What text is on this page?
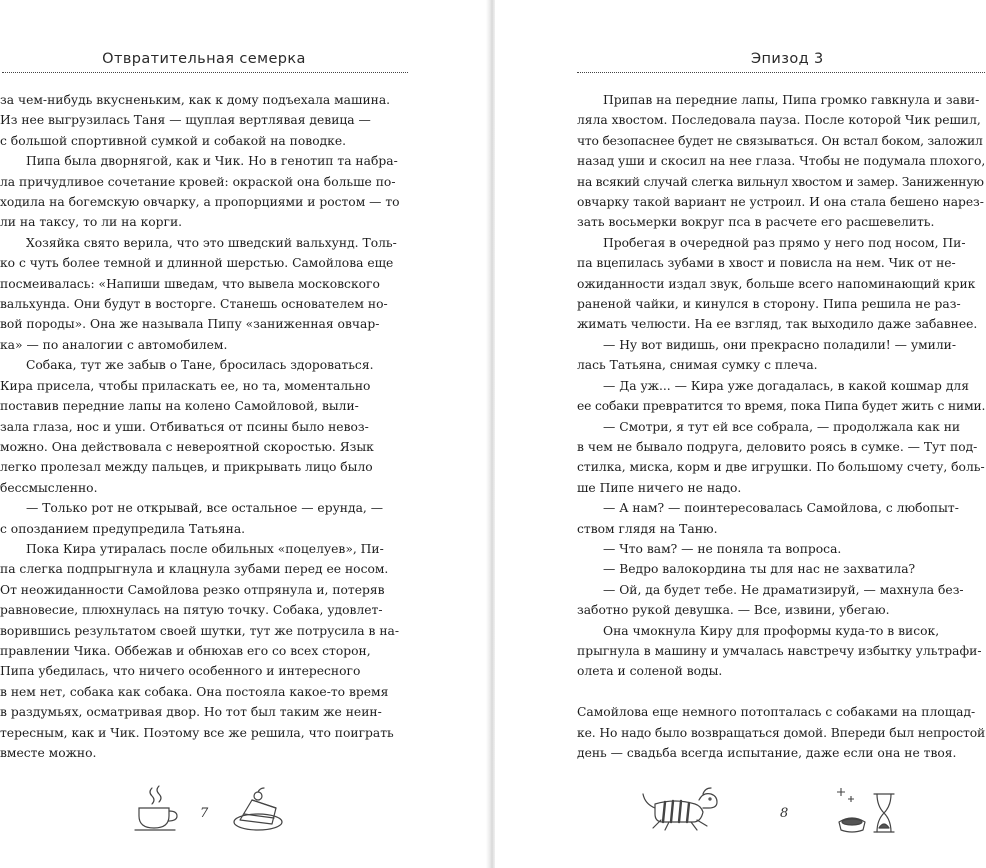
Отвратительная семерка

за чем-нибудь вкусненьким, как к дому подъехала машина.

Из нее выгрузилась Таня — щуплая вертлявая девица —

с большой спортивной сумкой и собакой на поводке.

Пипа была дворнягой, как и Чик. Но в генотип та набра-

ла причудливое сочетание кровей: окраской она больше по-

ходила на богемскую овчарку, а пропорциями и ростом — то

ли на таксу, то ли на корги.

Хозяйка свято верила, что это шведский вальхунд. Толь-

ко с чуть более темной и длинной шерстью. Самойлова еще

посмеивалась: «Напиши шведам, что вывела московского

вальхунда. Они будут в восторге. Станешь основателем но-

вой породы». Она же называла Пипу «заниженная овчар-

ка» — по аналогии с автомобилем.

Собака, тут же забыв о Тане, бросилась здороваться.

Кира присела, чтобы приласкать ее, но та, моментально

поставив передние лапы на колено Самойловой, выли-

зала глаза, нос и уши. Отбиваться от псины было невоз-

можно. Она действовала с невероятной скоростью. Язык

легко пролезал между пальцев, и прикрывать лицо было

бессмысленно.

— Только рот не открывай, все остальное — ерунда, —

с опозданием предупредила Татьяна.

Пока Кира утиралась после обильных «поцелуев», Пи-

па слегка подпрыгнула и клацнула зубами перед ее носом.

От неожиданности Самойлова резко отпрянула и, потеряв

равновесие, плюхнулась на пятую точку. Собака, удовлет-

ворившись результатом своей шутки, тут же потрусила в на-

правлении Чика. Оббежав и обнюхав его со всех сторон,

Пипа убедилась, что ничего особенного и интересного

в нем нет, собака как собака. Она постояла какое-то время

в раздумьях, осматривая двор. Но тот был таким же неин-

тересным, как и Чик. Поэтому все же решила, что поиграть

вместе можно.

7
Эпизод 3

Припав на передние лапы, Пипа громко гавкнула и зави-

ляла хвостом. Последовала пауза. После которой Чик решил,

что безопаснее будет не связываться. Он встал боком, заложил

назад уши и скосил на нее глаза. Чтобы не подумала плохого,

на всякий случай слегка вильнул хвостом и замер. Заниженную

овчарку такой вариант не устроил. И она стала бешено нарез-

зать восьмерки вокруг пса в расчете его расшевелить.

Пробегая в очередной раз прямо у него под носом, Пи-

па вцепилась зубами в хвост и повисла на нем. Чик от не-

ожиданности издал звук, больше всего напоминающий крик

раненой чайки, и кинулся в сторону. Пипа решила не раз-

жимать челюсти. На ее взгляд, так выходило даже забавнее.

— Ну вот видишь, они прекрасно поладили! — умили-

лась Татьяна, снимая сумку с плеча.

— Да уж... — Кира уже догадалась, в какой кошмар для

ее собаки превратится то время, пока Пипа будет жить с ними.

— Смотри, я тут ей все собрала, — продолжала как ни

в чем не бывало подруга, деловито роясь в сумке. — Тут под-

стилка, миска, корм и две игрушки. По большому счету, боль-

ше Пипе ничего не надо.

— А нам? — поинтересовалась Самойлова, с любопыт-

ством глядя на Таню.

— Что вам? — не поняла та вопроса.

— Ведро валокордина ты для нас не захватила?

— Ой, да будет тебе. Не драматизируй, — махнула без-

заботно рукой девушка. — Все, извини, убегаю.

Она чмокнула Киру для проформы куда-то в висок,

прыгнула в машину и умчалась навстречу избытку ультрафи-

олета и соленой воды.

Самойлова еще немного потопталась с собаками на площад-

ке. Но надо было возвращаться домой. Впереди был непростой

день — свадьба всегда испытание, даже если она не твоя.

8
